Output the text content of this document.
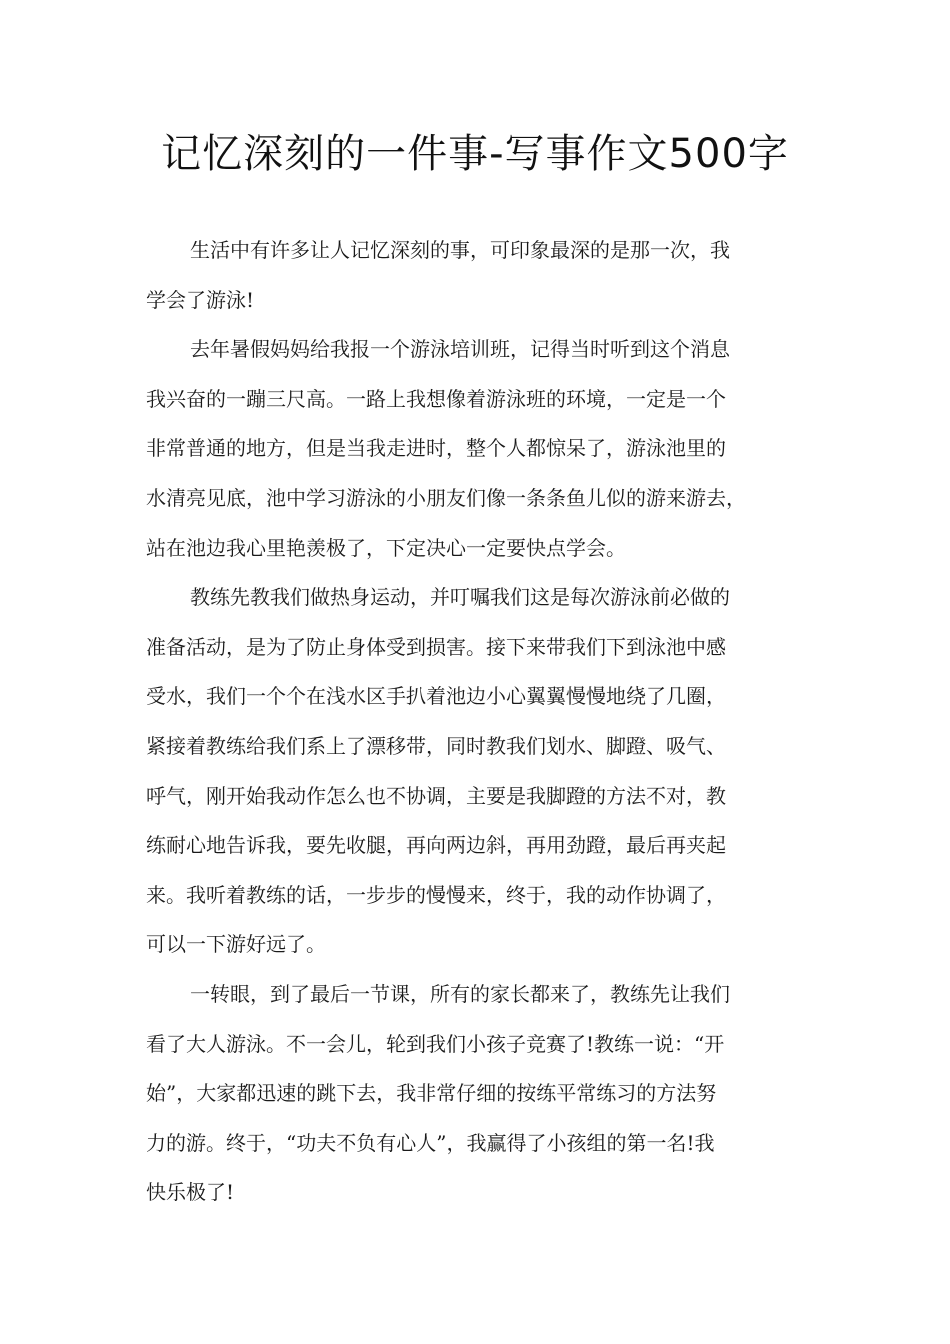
记忆深刻的一件事-写事作文500字
生活中有许多让人记忆深刻的事，可印象最深的是那一次，我
学会了游泳!
去年暑假妈妈给我报一个游泳培训班，记得当时听到这个消息
我兴奋的一蹦三尺高。一路上我想像着游泳班的环境，一定是一个
非常普通的地方，但是当我走进时，整个人都惊呆了，游泳池里的
水清亮见底，池中学习游泳的小朋友们像一条条鱼儿似的游来游去，
站在池边我心里艳羡极了，下定决心一定要快点学会。
教练先教我们做热身运动，并叮嘱我们这是每次游泳前必做的
准备活动，是为了防止身体受到损害。接下来带我们下到泳池中感
受水，我们一个个在浅水区手扒着池边小心翼翼慢慢地绕了几圈，
紧接着教练给我们系上了漂移带，同时教我们划水、脚蹬、吸气、
呼气，刚开始我动作怎么也不协调，主要是我脚蹬的方法不对，教
练耐心地告诉我，要先收腿，再向两边斜，再用劲蹬，最后再夹起
来。我听着教练的话，一步步的慢慢来，终于，我的动作协调了，
可以一下游好远了。
一转眼，到了最后一节课，所有的家长都来了，教练先让我们
看了大人游泳。不一会儿，轮到我们小孩子竞赛了!教练一说：“开
始”，大家都迅速的跳下去，我非常仔细的按练平常练习的方法努
力的游。终于，“功夫不负有心人”，我赢得了小孩组的第一名!我
快乐极了!
